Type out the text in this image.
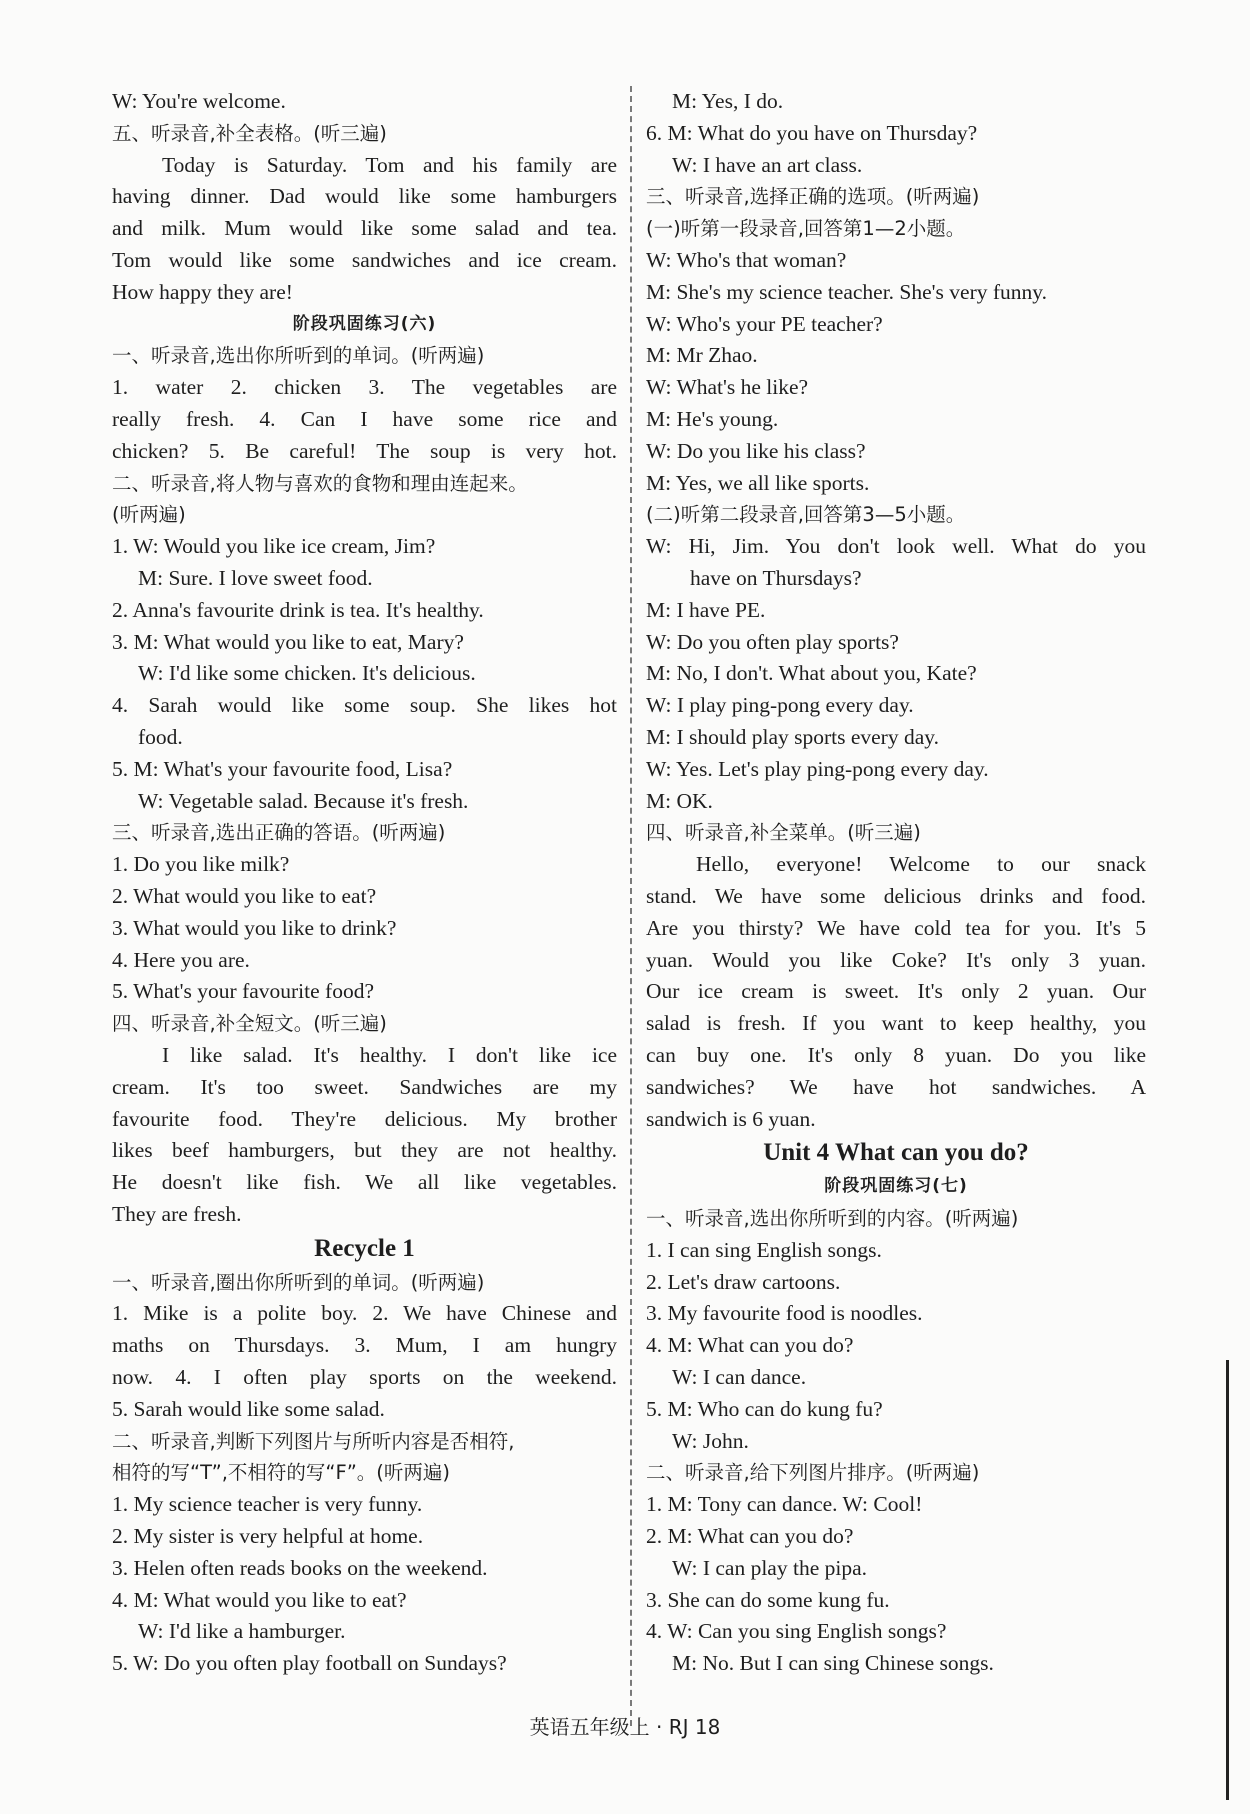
W: You're welcome.
五、听录音,补全表格。(听三遍)
Today is Saturday. Tom and his family are
having dinner. Dad would like some hamburgers
and milk. Mum would like some salad and tea.
Tom would like some sandwiches and ice cream.
How happy they are!
阶段巩固练习(六)
一、听录音,选出你所听到的单词。(听两遍)
1. water 2. chicken 3. The vegetables are
really fresh. 4. Can I have some rice and
chicken? 5. Be careful! The soup is very hot.
二、听录音,将人物与喜欢的食物和理由连起来。
(听两遍)
1. W: Would you like ice cream, Jim?
M: Sure. I love sweet food.
2. Anna's favourite drink is tea. It's healthy.
3. M: What would you like to eat, Mary?
W: I'd like some chicken. It's delicious.
4. Sarah would like some soup. She likes hot
food.
5. M: What's your favourite food, Lisa?
W: Vegetable salad. Because it's fresh.
三、听录音,选出正确的答语。(听两遍)
1. Do you like milk?
2. What would you like to eat?
3. What would you like to drink?
4. Here you are.
5. What's your favourite food?
四、听录音,补全短文。(听三遍)
I like salad. It's healthy. I don't like ice
cream. It's too sweet. Sandwiches are my
favourite food. They're delicious. My brother
likes beef hamburgers, but they are not healthy.
He doesn't like fish. We all like vegetables.
They are fresh.
Recycle 1
一、听录音,圈出你所听到的单词。(听两遍)
1. Mike is a polite boy. 2. We have Chinese and
maths on Thursdays. 3. Mum, I am hungry
now. 4. I often play sports on the weekend.
5. Sarah would like some salad.
二、听录音,判断下列图片与所听内容是否相符,
相符的写“T”,不相符的写“F”。(听两遍)
1. My science teacher is very funny.
2. My sister is very helpful at home.
3. Helen often reads books on the weekend.
4. M: What would you like to eat?
W: I'd like a hamburger.
5. W: Do you often play football on Sundays?
M: Yes, I do.
6. M: What do you have on Thursday?
W: I have an art class.
三、听录音,选择正确的选项。(听两遍)
(一)听第一段录音,回答第1—2小题。
W: Who's that woman?
M: She's my science teacher. She's very funny.
W: Who's your PE teacher?
M: Mr Zhao.
W: What's he like?
M: He's young.
W: Do you like his class?
M: Yes, we all like sports.
(二)听第二段录音,回答第3—5小题。
W: Hi, Jim. You don't look well. What do you
have on Thursdays?
M: I have PE.
W: Do you often play sports?
M: No, I don't. What about you, Kate?
W: I play ping-pong every day.
M: I should play sports every day.
W: Yes. Let's play ping-pong every day.
M: OK.
四、听录音,补全菜单。(听三遍)
Hello, everyone! Welcome to our snack
stand. We have some delicious drinks and food.
Are you thirsty? We have cold tea for you. It's 5
yuan. Would you like Coke? It's only 3 yuan.
Our ice cream is sweet. It's only 2 yuan. Our
salad is fresh. If you want to keep healthy, you
can buy one. It's only 8 yuan. Do you like
sandwiches? We have hot sandwiches. A
sandwich is 6 yuan.
Unit 4 What can you do?
阶段巩固练习(七)
一、听录音,选出你所听到的内容。(听两遍)
1. I can sing English songs.
2. Let's draw cartoons.
3. My favourite food is noodles.
4. M: What can you do?
W: I can dance.
5. M: Who can do kung fu?
W: John.
二、听录音,给下列图片排序。(听两遍)
1. M: Tony can dance. W: Cool!
2. M: What can you do?
W: I can play the pipa.
3. She can do some kung fu.
4. W: Can you sing English songs?
M: No. But I can sing Chinese songs.
英语五年级上 · RJ 18
